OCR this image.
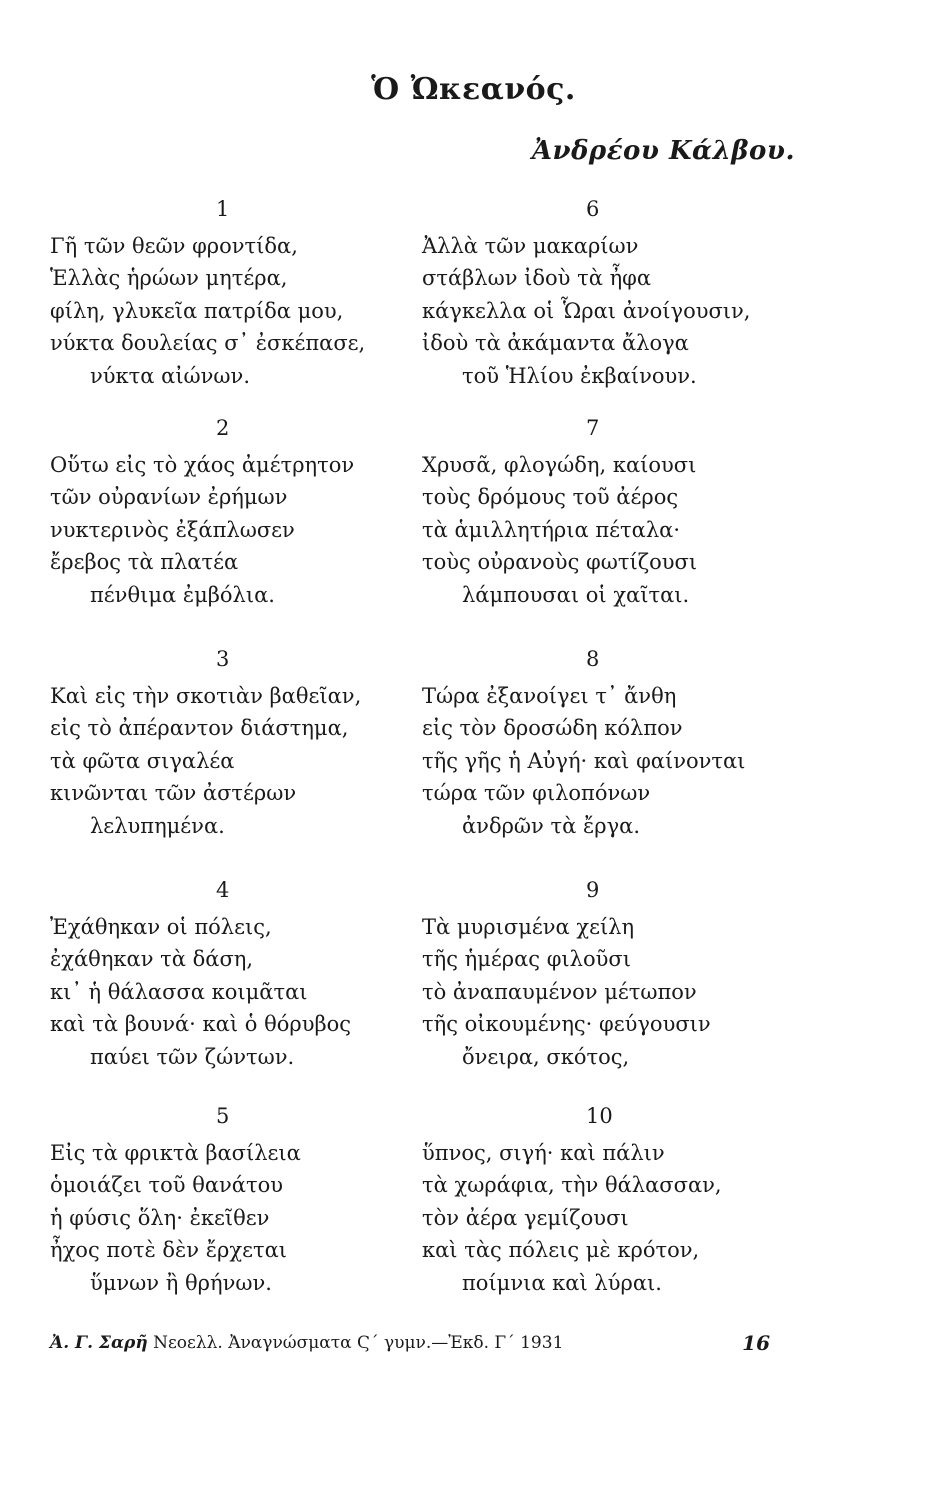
Ὁ Ὠκεανός.
Ἀνδρέου Κάλβου.
1
Γῆ τῶν θεῶν φροντίδα,
Ἑλλὰς ἡρώων μητέρα,
φίλη, γλυκεῖα πατρίδα μου,
νύκτα δουλείας σ᾽ ἐσκέπασε,
νύκτα αἰώνων.
2
Οὕτω εἰς τὸ χάος ἀμέτρητον
τῶν οὐρανίων ἐρήμων
νυκτερινὸς ἐξάπλωσεν
ἔρεβος τὰ πλατέα
πένθιμα ἐμβόλια.
3
Καὶ εἰς τὴν σκοτιὰν βαθεῖαν,
εἰς τὸ ἀπέραντον διάστημα,
τὰ φῶτα σιγαλέα
κινῶνται τῶν ἀστέρων
λελυπημένα.
4
Ἐχάθηκαν οἱ πόλεις,
ἐχάθηκαν τὰ δάση,
κι᾽ ἡ θάλασσα κοιμᾶται
καὶ τὰ βουνά· καὶ ὁ θόρυβος
παύει τῶν ζώντων.
5
Εἰς τὰ φρικτὰ βασίλεια
ὁμοιάζει τοῦ θανάτου
ἡ φύσις ὅλη· ἐκεῖθεν
ἦχος ποτὲ δὲν ἔρχεται
ὕμνων ἢ θρήνων.
6
Ἀλλὰ τῶν μακαρίων
στάβλων ἰδοὺ τὰ ἦφα
κάγκελλα οἱ Ὧραι ἀνοίγουσιν,
ἰδοὺ τὰ ἀκάμαντα ἄλογα
τοῦ Ἡλίου ἐκβαίνουν.
7
Χρυσᾶ, φλογώδη, καίουσι
τοὺς δρόμους τοῦ ἀέρος
τὰ ἁμιλλητήρια πέταλα·
τοὺς οὐρανοὺς φωτίζουσι
λάμπουσαι οἱ χαῖται.
8
Τώρα ἐξανοίγει τ᾽ ἄνθη
εἰς τὸν δροσώδη κόλπον
τῆς γῆς ἡ Αὐγή· καὶ φαίνονται
τώρα τῶν φιλοπόνων
ἀνδρῶν τὰ ἔργα.
9
Τὰ μυρισμένα χείλη
τῆς ἡμέρας φιλοῦσι
τὸ ἀναπαυμένον μέτωπον
τῆς οἰκουμένης· φεύγουσιν
ὄνειρα, σκότος,
10
ὕπνος, σιγή· καὶ πάλιν
τὰ χωράφια, τὴν θάλασσαν,
τὸν ἀέρα γεμίζουσι
καὶ τὰς πόλεις μὲ κρότον,
ποίμνια καὶ λύραι.
Ἀ. Γ. Σαρῆ Νεοελλ. Ἀναγνώσματα Ϛ´ γυμν.—Ἐκδ. Γ´ 1931	16
